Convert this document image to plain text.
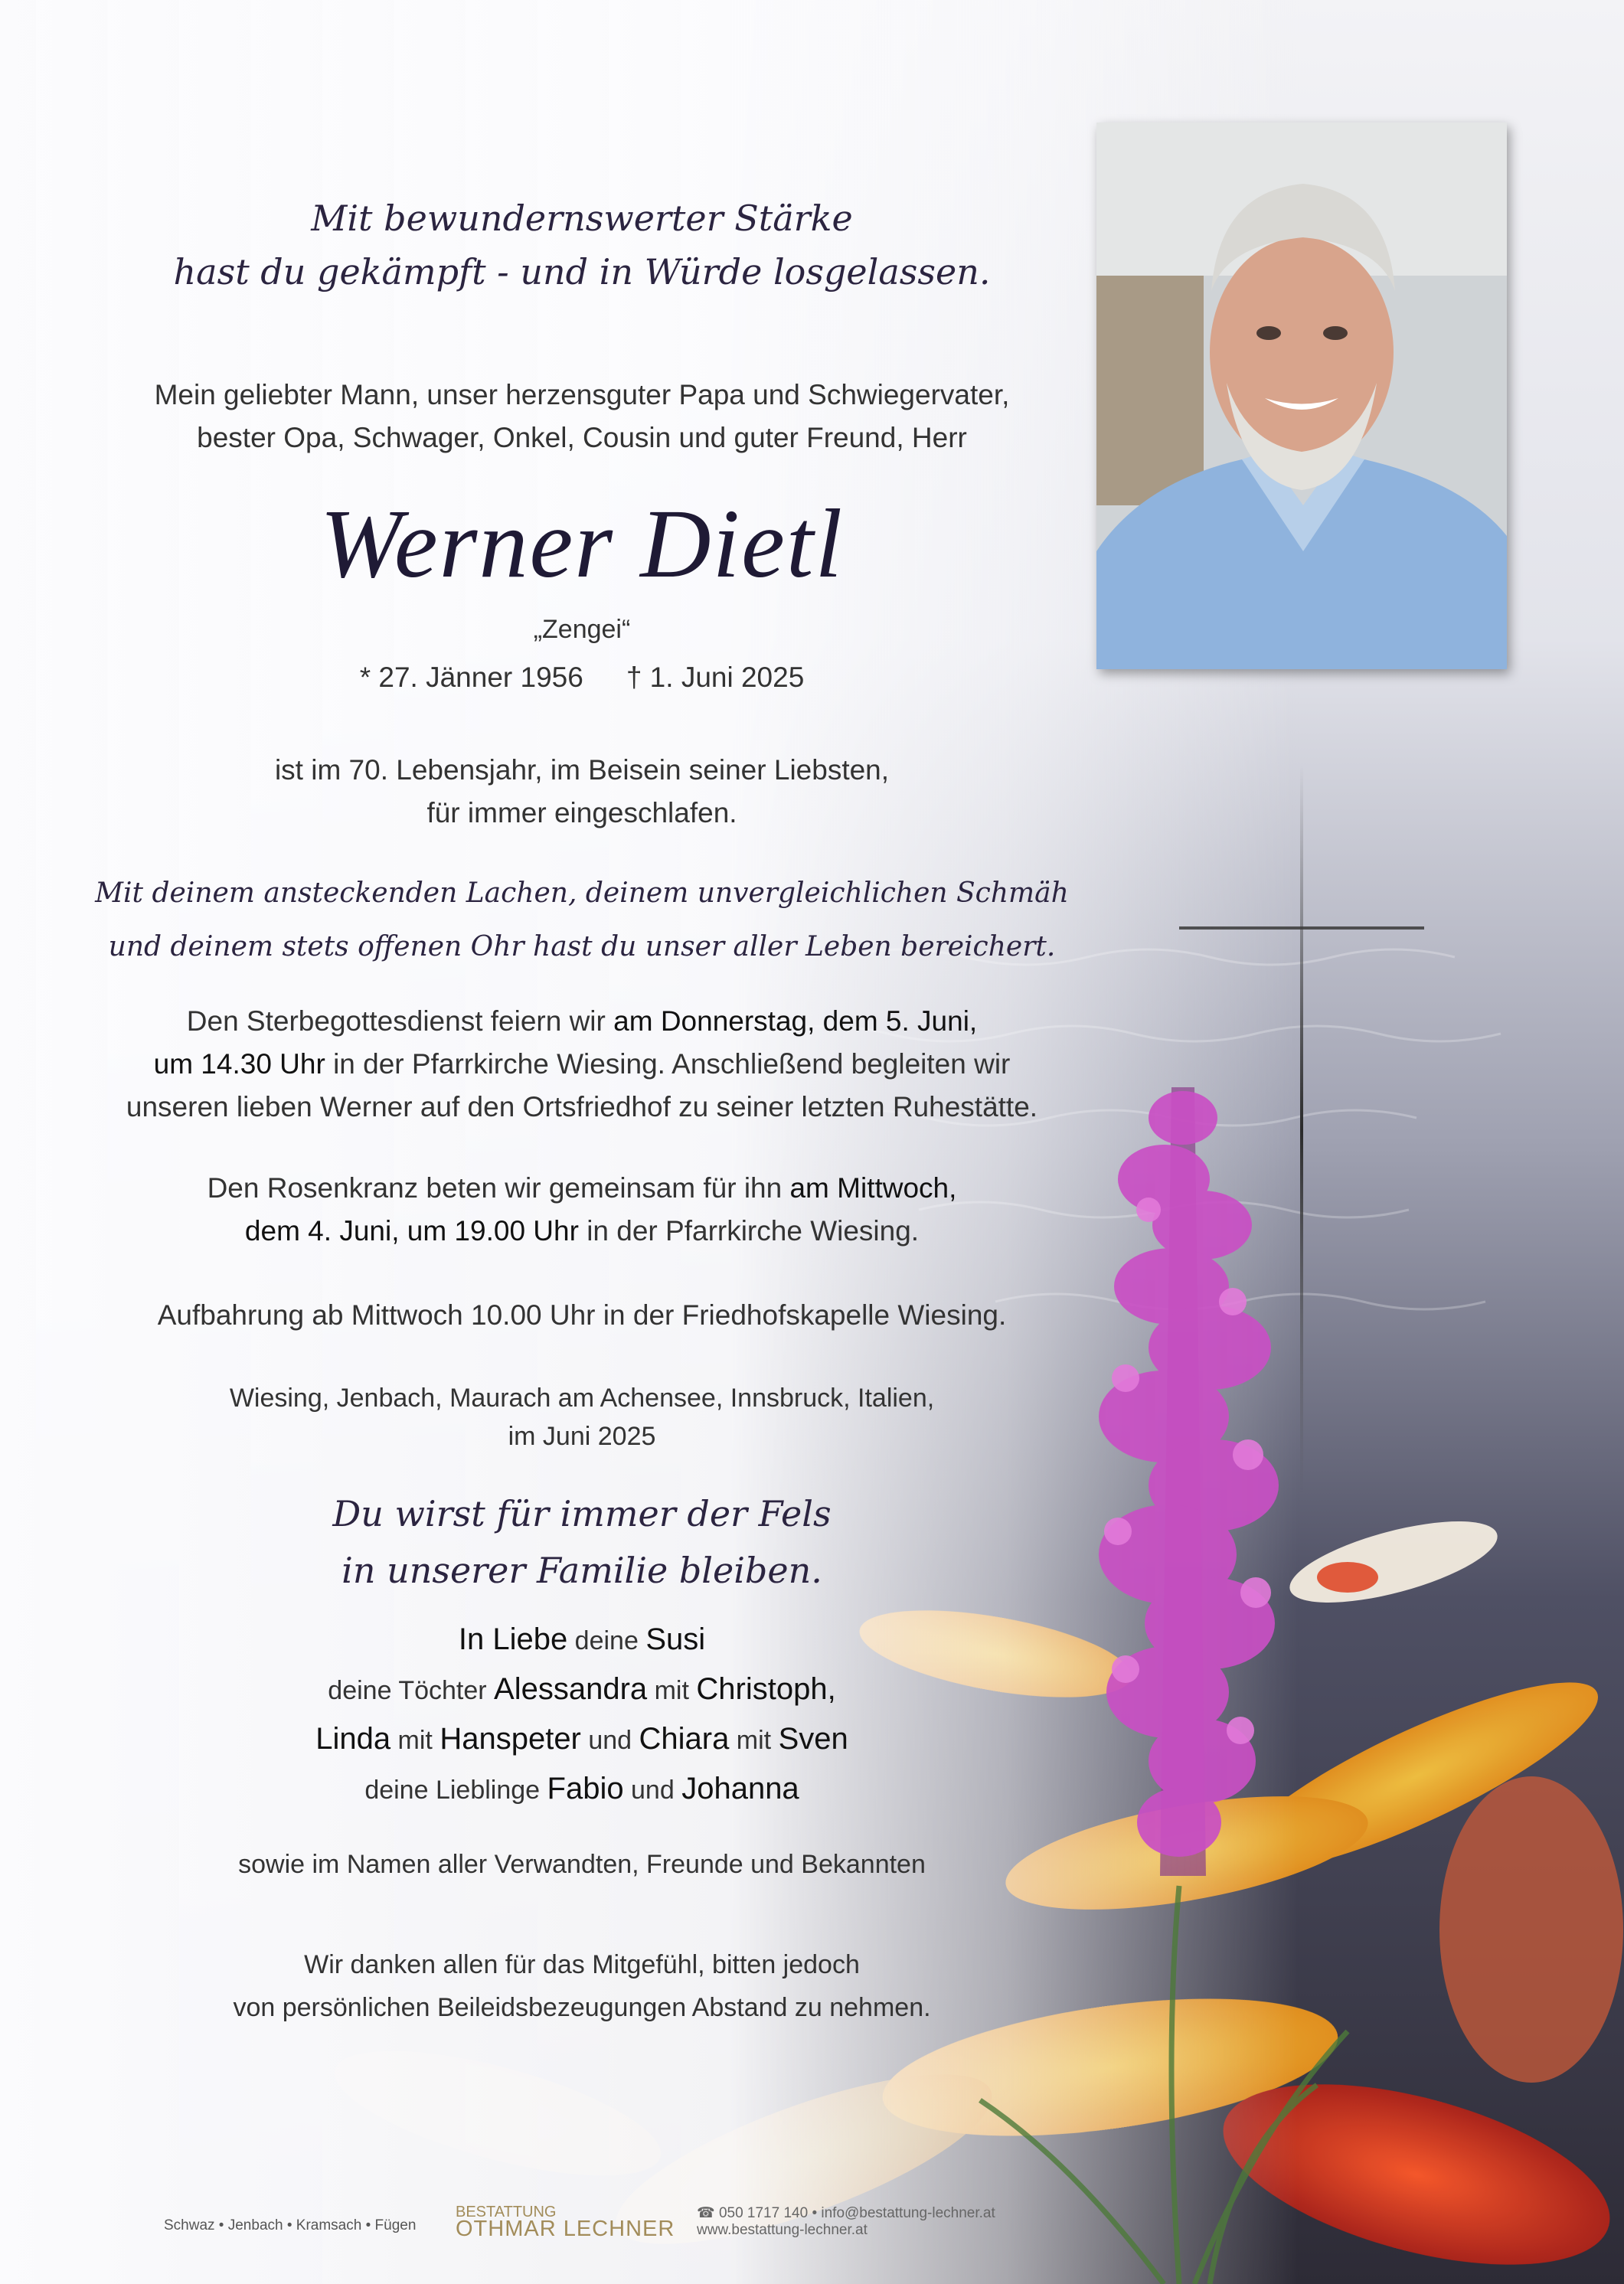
Mit bewundernswerter Stärke
hast du gekämpft - und in Würde losgelassen.
Mein geliebter Mann, unser herzensguter Papa und Schwiegervater,
bester Opa, Schwager, Onkel, Cousin und guter Freund, Herr
Werner Dietl
„Zengei“
* 27. Jänner 1956 † 1. Juni 2025
ist im 70. Lebensjahr, im Beisein seiner Liebsten,
für immer eingeschlafen.
Mit deinem ansteckenden Lachen, deinem unvergleichlichen Schmäh
und deinem stets offenen Ohr hast du unser aller Leben bereichert.
Den Sterbegottesdienst feiern wir am Donnerstag, dem 5. Juni,
um 14.30 Uhr in der Pfarrkirche Wiesing. Anschließend begleiten wir
unseren lieben Werner auf den Ortsfriedhof zu seiner letzten Ruhestätte.
Den Rosenkranz beten wir gemeinsam für ihn am Mittwoch,
dem 4. Juni, um 19.00 Uhr in der Pfarrkirche Wiesing.
Aufbahrung ab Mittwoch 10.00 Uhr in der Friedhofskapelle Wiesing.
Wiesing, Jenbach, Maurach am Achensee, Innsbruck, Italien,
im Juni 2025
Du wirst für immer der Fels
in unserer Familie bleiben.
In Liebe deine Susi
deine Töchter Alessandra mit Christoph,
Linda mit Hanspeter und Chiara mit Sven
deine Lieblinge Fabio und Johanna
sowie im Namen aller Verwandten, Freunde und Bekannten
Wir danken allen für das Mitgefühl, bitten jedoch
von persönlichen Beileidsbezeugungen Abstand zu nehmen.
Schwaz • Jenbach • Kramsach • Fügen
BESTATTUNG
OTHMAR LECHNER
☎ 050 1717 140 • info@bestattung-lechner.at
www.bestattung-lechner.at
